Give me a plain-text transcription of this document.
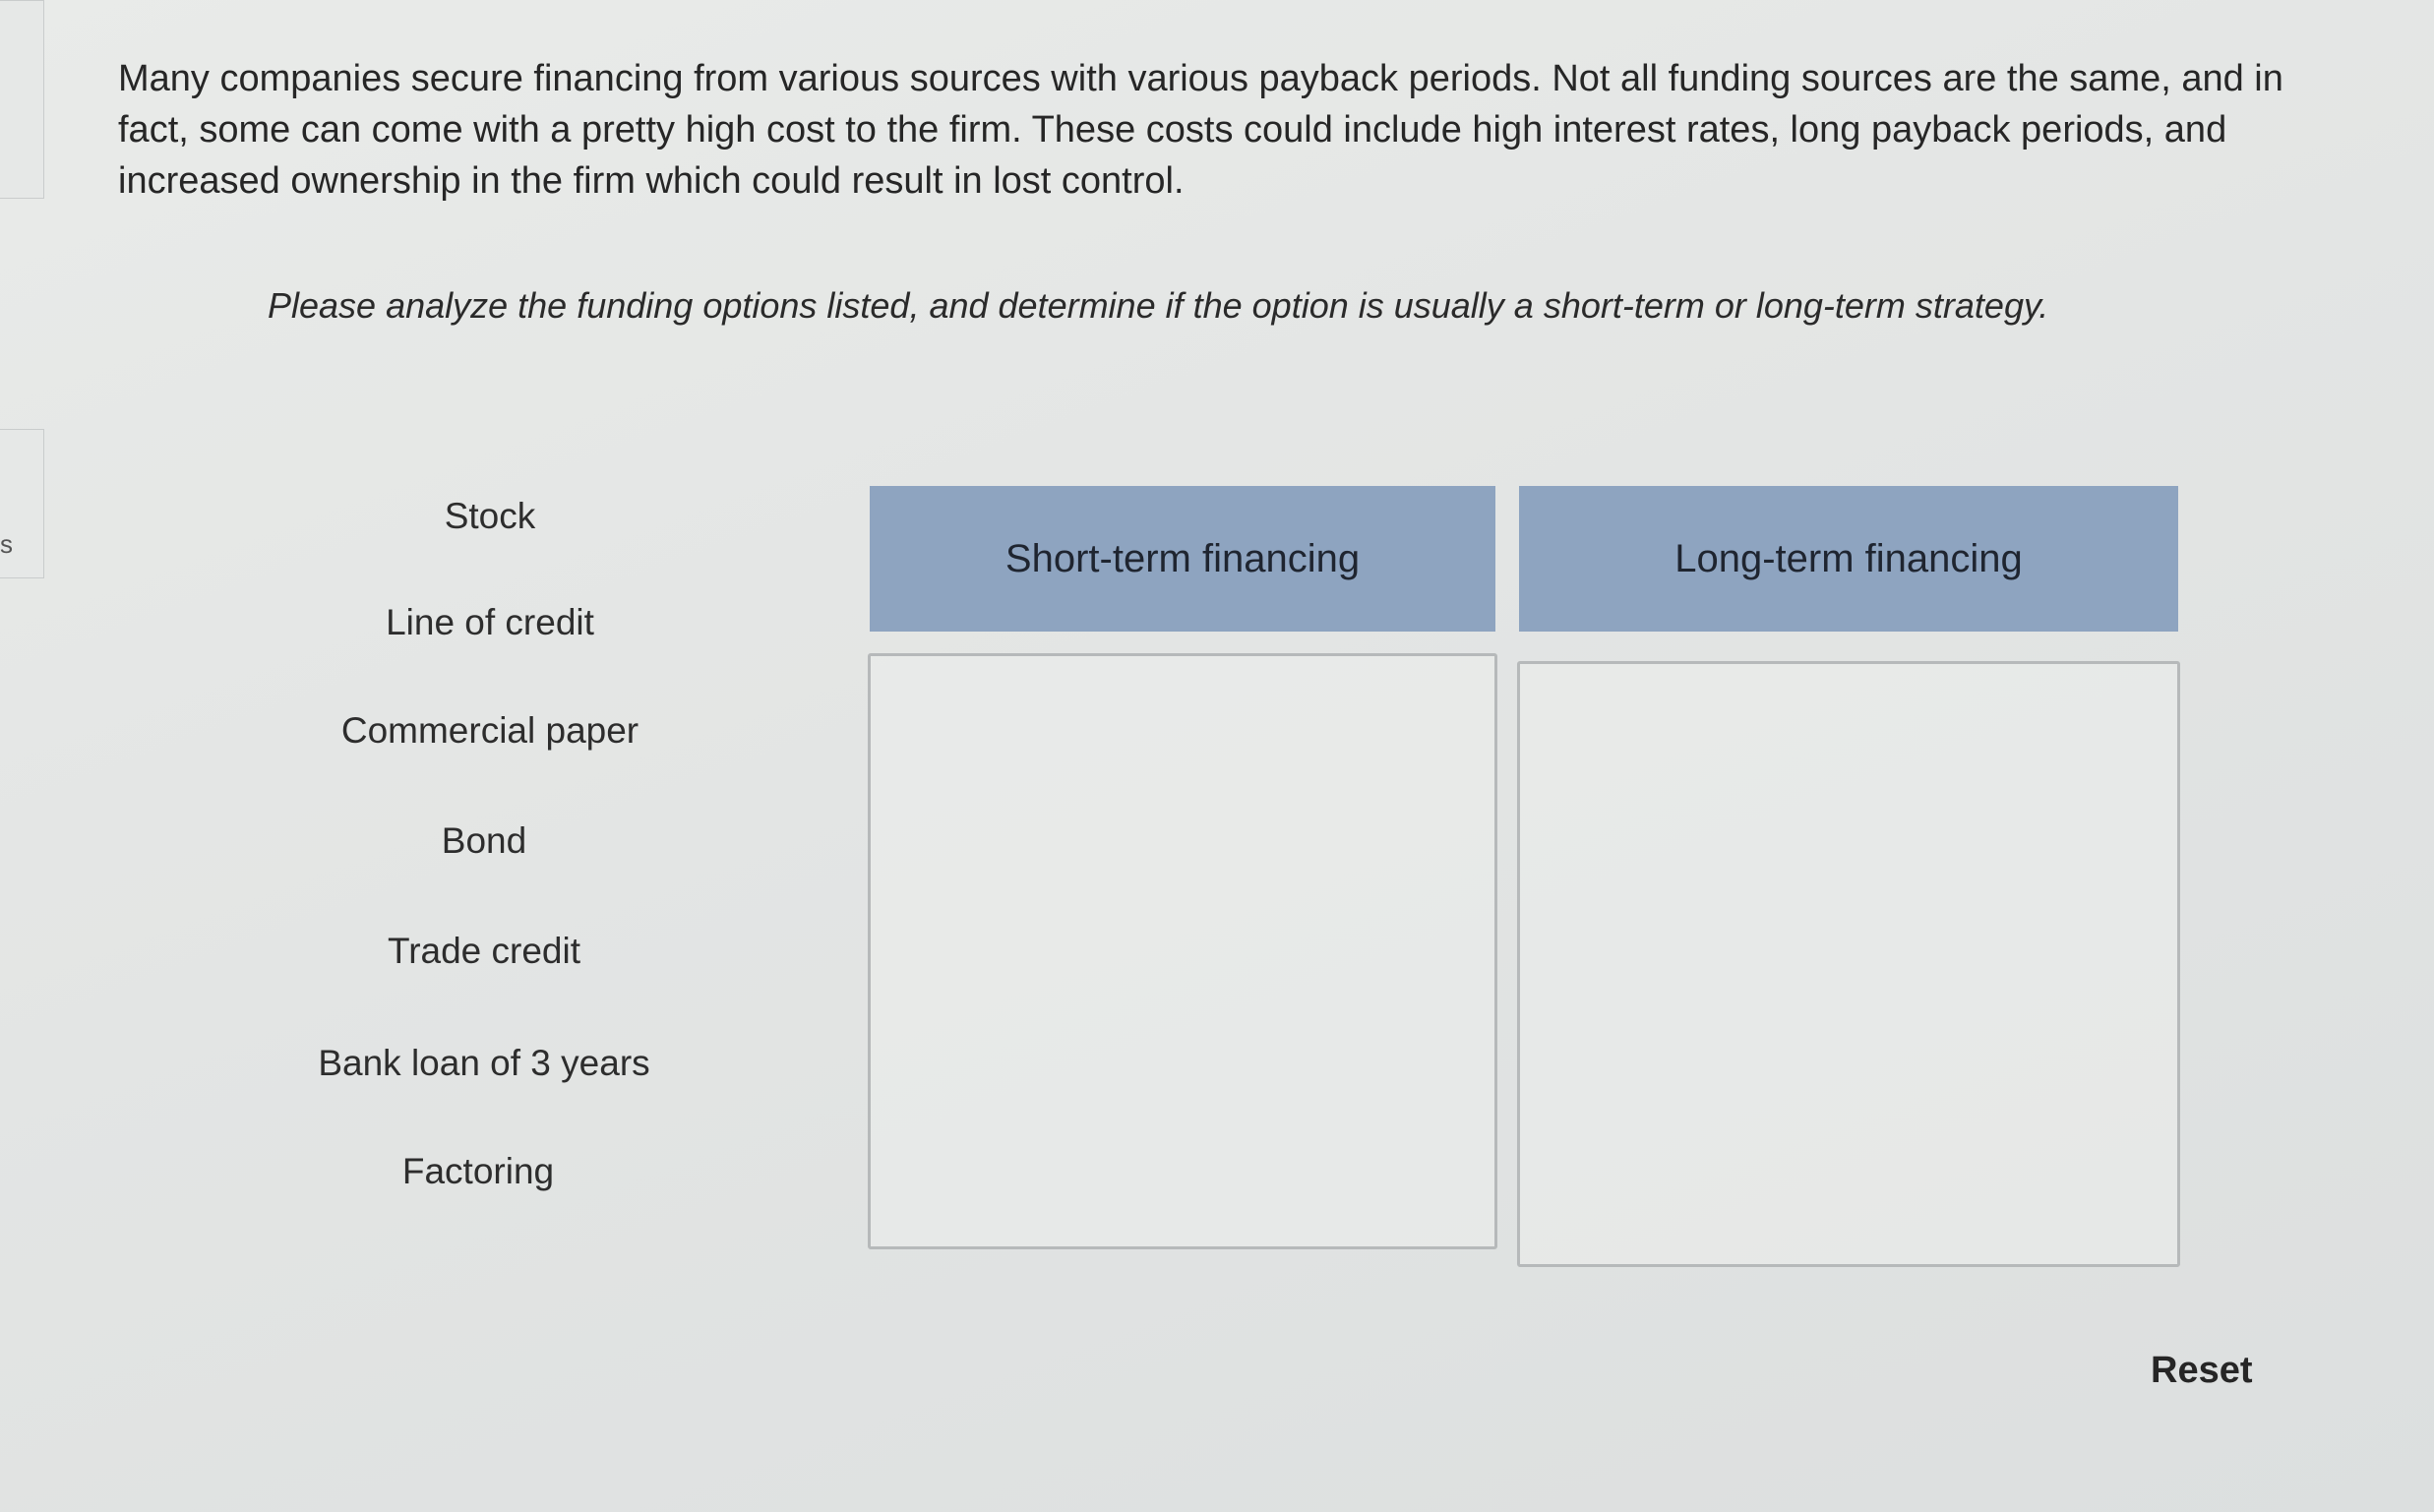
s

Many companies secure financing from various sources with various payback periods. Not all funding sources are the same, and in fact, some can come with a pretty high cost to the firm. These costs could include high interest rates, long payback periods, and increased ownership in the firm which could result in lost control.

Please analyze the funding options listed, and determine if the option is usually a short-term or long-term strategy.
Stock
Line of credit
Commercial paper
Bond
Trade credit
Bank loan of 3 years
Factoring
Short-term financing	Long-term financing
Reset
